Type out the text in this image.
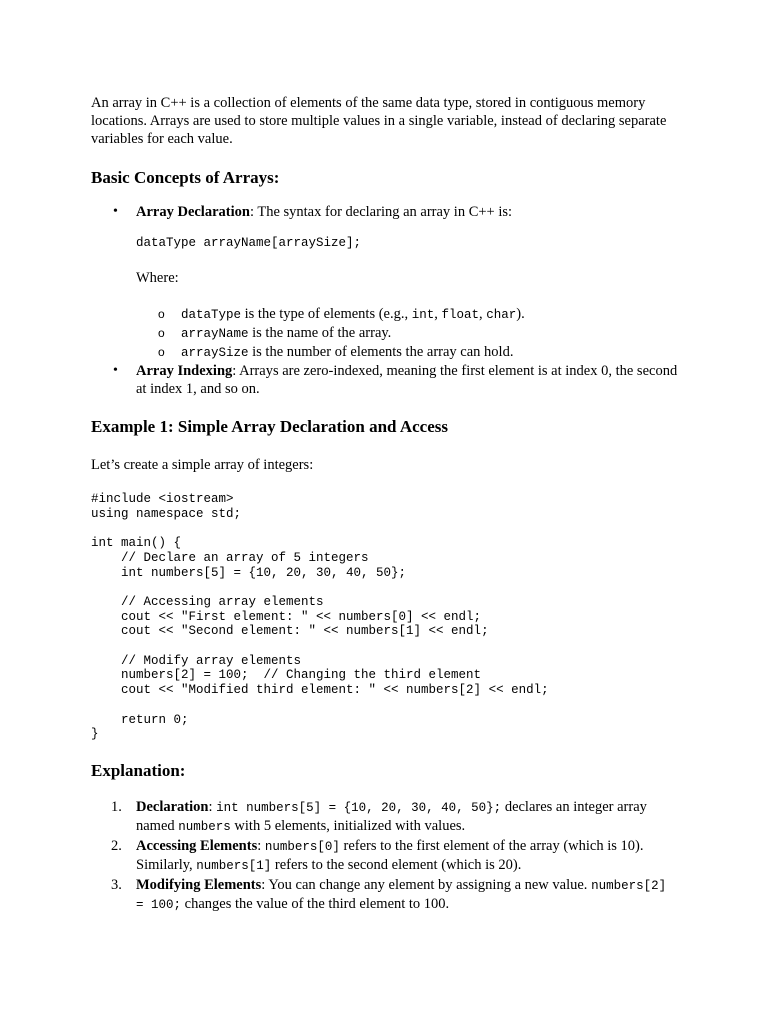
An array in C++ is a collection of elements of the same data type, stored in contiguous memory locations. Arrays are used to store multiple values in a single variable, instead of declaring separate variables for each value.

Basic Concepts of Arrays:
• Array Declaration: The syntax for declaring an array in C++ is:

dataType arrayName[arraySize];

Where:

o dataType is the type of elements (e.g., int, float, char).
o arrayName is the name of the array.
o arraySize is the number of elements the array can hold.
• Array Indexing: Arrays are zero-indexed, meaning the first element is at index 0, the second at index 1, and so on.

Example 1: Simple Array Declaration and Access

Let’s create a simple array of integers:

#include <iostream>
using namespace std;

int main() {
// Declare an array of 5 integers
int numbers[5] = {10, 20, 30, 40, 50};

// Accessing array elements
cout << "First element: " << numbers[0] << endl;
cout << "Second element: " << numbers[1] << endl;

// Modify array elements
numbers[2] = 100;  // Changing the third element
cout << "Modified third element: " << numbers[2] << endl;

return 0;
}
Explanation:
1. Declaration: int numbers[5] = {10, 20, 30, 40, 50}; declares an integer array named numbers with 5 elements, initialized with values.
2. Accessing Elements: numbers[0] refers to the first element of the array (which is 10). Similarly, numbers[1] refers to the second element (which is 20).
3. Modifying Elements: You can change any element by assigning a new value. numbers[2] = 100; changes the value of the third element to 100.
